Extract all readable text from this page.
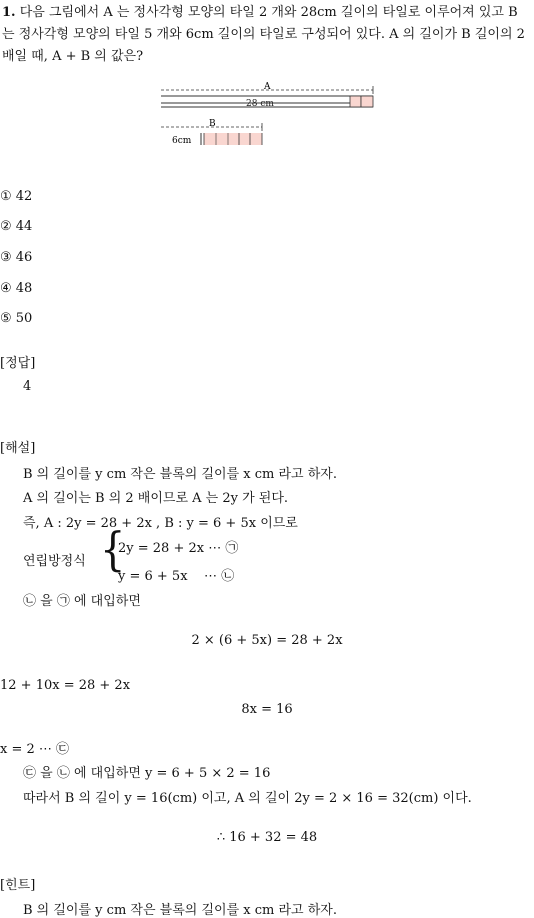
1. 다음 그림에서 A 는 정사각형 모양의 타일 2 개와 28cm 길이의 타일로 이루어져 있고 B 는 정사각형 모양의 타일 5 개와 6cm 길이의 타일로 구성되어 있다. A 의 길이가 B 길이의 2 배일 때, A + B 의 값은?
A
28 cm
B
6cm
① 42
② 44
③ 46
④ 48
⑤ 50
[정답]
4
[해설]
B 의 길이를 y cm 작은 블록의 길이를 x cm 라고 하자.
A 의 길이는 B 의 2 배이므로 A 는 2y 가 된다.
즉, A : 2y = 28 + 2x , B : y = 6 + 5x 이므로
연립방정식 {
2y = 28 + 2x ⋯ ㉠
y = 6 + 5x    ⋯ ㉡
㉡ 을 ㉠ 에 대입하면
2 × (6 + 5x) = 28 + 2x
12 + 10x = 28 + 2x
8x = 16
x = 2 ⋯ ㉢
㉢ 을 ㉡ 에 대입하면 y = 6 + 5 × 2 = 16
따라서 B 의 길이 y = 16(cm) 이고, A 의 길이 2y = 2 × 16 = 32(cm) 이다.
∴ 16 + 32 = 48
[힌트]
B 의 길이를 y cm 작은 블록의 길이를 x cm 라고 하자.
